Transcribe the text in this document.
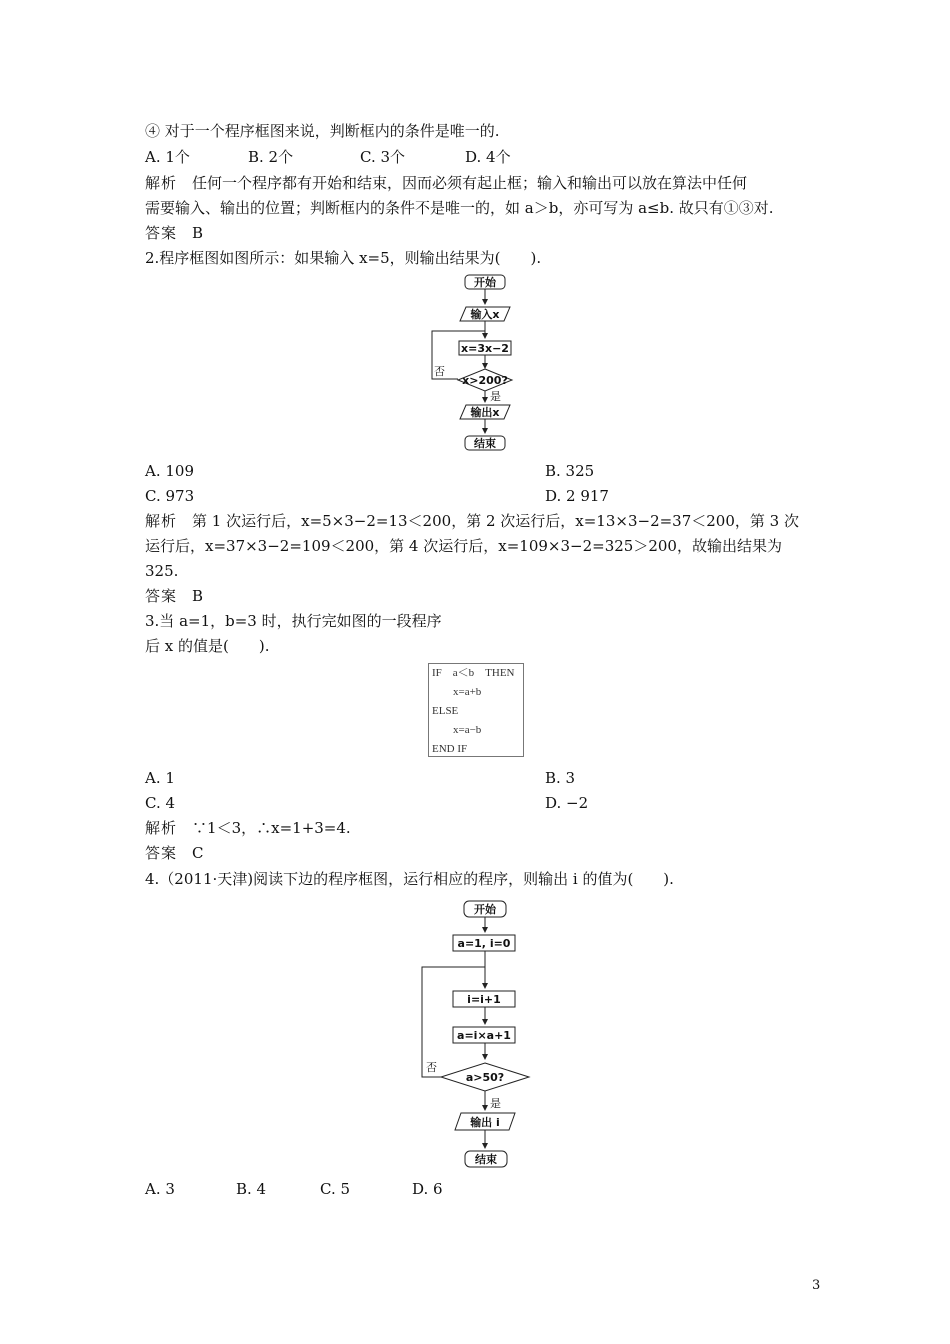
④ 对于一个程序框图来说，判断框内的条件是唯一的.
A. 1个	B. 2个	C. 3个	D. 4个
解析　 任何一个程序都有开始和结束，因而必须有起止框；输入和输出可以放在算法中任何
需要输入、输出的位置；判断框内的条件不是唯一的，如 a＞b，亦可写为 a≤b. 故只有①③对.
答案　 B
2.程序框图如图所示：如果输入 x=5，则输出结果为(　　).
开始
输入x
x=3x−2
x>200?
否
是
输出x
结束
A. 109	B. 325
C. 973	D. 2 917
解析　 第 1 次运行后，x=5×3−2=13＜200，第 2 次运行后，x=13×3−2=37＜200，第 3 次
运行后，x=37×3−2=109＜200，第 4 次运行后，x=109×3−2=325＞200，故输出结果为
325.
答案　 B
3.当 a=1，b=3 时，执行完如图的一段程序
后 x 的值是(　　).
IF　a＜b　THEN
x=a+b
ELSE
x=a−b
END IF
A. 1	B. 3
C. 4	D. −2
解析　 ∵1＜3，∴x=1+3=4.
答案　 C
4.（2011·天津)阅读下边的程序框图，运行相应的程序，则输出 i 的值为(　　).
开始
a=1, i=0
i=i+1
a=i×a+1
a>50?
否
是
输出 i
结束
A. 3	B. 4	C. 5	D. 6
3
